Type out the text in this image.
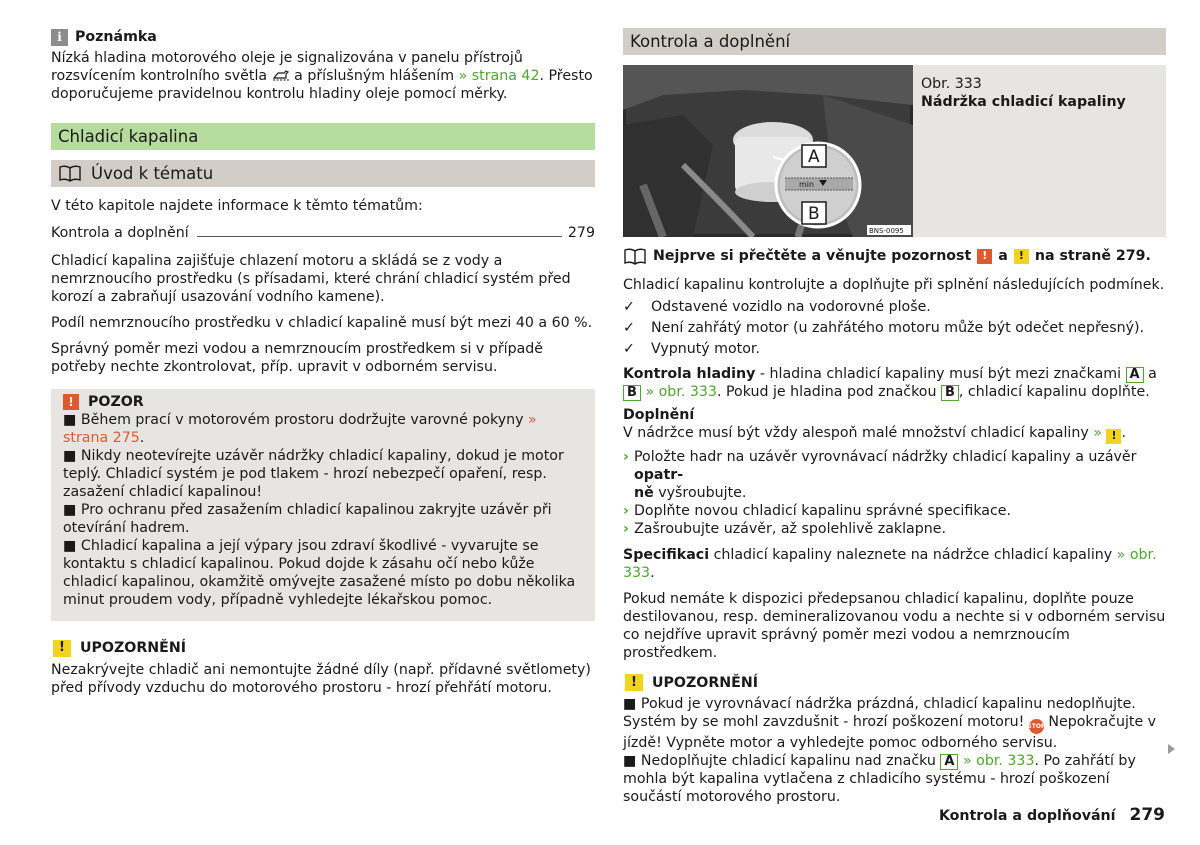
i Poznámka

Nízká hladina motorového oleje je signalizována v panelu přístrojů rozsvícením kontrolního světla a příslušným hlášením » strana 42. Přesto doporučujeme pravidelnou kontrolu hladiny oleje pomocí měrky.

Chladicí kapalina
Úvod k tématu

V této kapitole najdete informace k těmto tématům:

Kontrola a doplnění	279

Chladicí kapalina zajišťuje chlazení motoru a skládá se z vody a nemrznoucího prostředku (s přísadami, které chrání chladicí systém před korozí a zabraňují usazování vodního kamene).

Podíl nemrznoucího prostředku v chladicí kapalině musí být mezi 40 a 60 %.

Správný poměr mezi vodou a nemrznoucím prostředkem si v případě potřeby nechte zkontrolovat, příp. upravit v odborném servisu.

!	POZOR

■ Během prací v motorovém prostoru dodržujte varovné pokyny » strana 275.

■ Nikdy neotevírejte uzávěr nádržky chladicí kapaliny, dokud je motor teplý. Chladicí systém je pod tlakem - hrozí nebezpečí opaření, resp. zasažení chladicí kapalinou!

■ Pro ochranu před zasažením chladicí kapalinou zakryjte uzávěr při otevírání hadrem.

■ Chladicí kapalina a její výpary jsou zdraví škodlivé - vyvarujte se kontaktu s chladicí kapalinou. Pokud dojde k zásahu očí nebo kůže chladicí kapalinou, okamžitě omývejte zasažené místo po dobu několika minut proudem vody, případně vyhledejte lékařskou pomoc.

!	UPOZORNĚNÍ

Nezakrývejte chladič ani nemontujte žádné díly (např. přídavné světlomety) před přívody vzduchu do motorového prostoru - hrozí přehřátí motoru.

Kontrola a doplnění
min
A
B
BNS-0095

Obr. 333

Nádržka chladicí kapaliny

Nejprve si přečtěte a věnujte pozornost ! a ! na straně 279.

Chladicí kapalinu kontrolujte a doplňujte při splnění následujících podmínek.

✓ Odstavené vozidlo na vodorovné ploše.
✓ Není zahřátý motor (u zahřátého motoru může být odečet nepřesný).
✓ Vypnutý motor.

Kontrola hladiny - hladina chladicí kapaliny musí být mezi značkami A a B » obr. 333. Pokud je hladina pod značkou B , chladicí kapalinu doplňte.

Doplnění

V nádržce musí být vždy alespoň malé množství chladicí kapaliny » ! .

› Položte hadr na uzávěr vyrovnávací nádržky chladicí kapaliny a uzávěr opatr-
ně vyšroubujte.
› Doplňte novou chladicí kapalinu správné specifikace.
› Zašroubujte uzávěr, až spolehlivě zaklapne.

Specifikaci chladicí kapaliny naleznete na nádržce chladicí kapaliny » obr. 333.

Pokud nemáte k dispozici předepsanou chladicí kapalinu, doplňte pouze destilovanou, resp. demineralizovanou vodu a nechte si v odborném servisu co nejdříve upravit správný poměr mezi vodou a nemrznoucím prostředkem.

!	UPOZORNĚNÍ

■ Pokud je vyrovnávací nádržka prázdná, chladicí kapalinu nedoplňujte. Systém by se mohl zavzdušnit - hrozí poškození motoru! STOP Nepokračujte v jízdě! Vypněte motor a vyhledejte pomoc odborného servisu.

■ Nedoplňujte chladicí kapalinu nad značku A » obr. 333. Po zahřátí by mohla být kapalina vytlačena z chladicího systému - hrozí poškození součástí motorového prostoru.

Kontrola a doplňování 279
